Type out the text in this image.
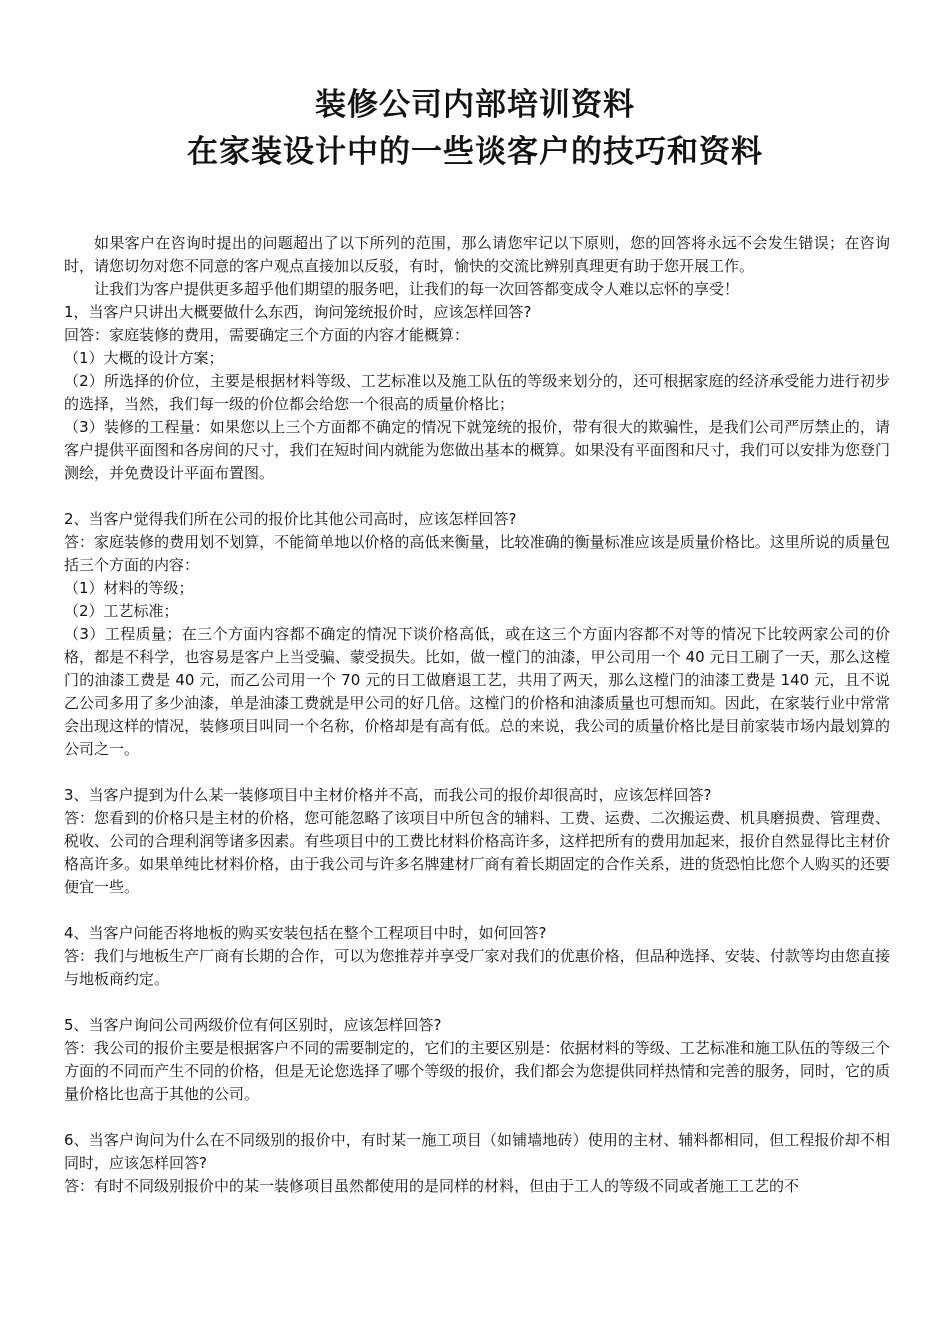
装修公司内部培训资料

在家装设计中的一些谈客户的技巧和资料

如果客户在咨询时提出的问题超出了以下所列的范围，那么请您牢记以下原则，您的回答将永远不会发生错误；在咨询时，请您切勿对您不同意的客户观点直接加以反驳，有时，愉快的交流比辨别真理更有助于您开展工作。

让我们为客户提供更多超乎他们期望的服务吧，让我们的每一次回答都变成令人难以忘怀的享受！

1，当客户只讲出大概要做什么东西，询问笼统报价时，应该怎样回答?

回答：家庭装修的费用，需要确定三个方面的内容才能概算：

（1）大概的设计方案；

（2）所选择的价位，主要是根据材料等级、工艺标准以及施工队伍的等级来划分的，还可根据家庭的经济承受能力进行初步的选择，当然，我们每一级的价位都会给您一个很高的质量价格比；

（3）装修的工程量：如果您以上三个方面都不确定的情况下就笼统的报价，带有很大的欺骗性，是我们公司严厉禁止的，请客户提供平面图和各房间的尺寸，我们在短时间内就能为您做出基本的概算。如果没有平面图和尺寸，我们可以安排为您登门测绘，并免费设计平面布置图。

2、当客户觉得我们所在公司的报价比其他公司高时，应该怎样回答?

答：家庭装修的费用划不划算，不能简单地以价格的高低来衡量，比较准确的衡量标准应该是质量价格比。这里所说的质量包括三个方面的内容：

（1）材料的等级；

（2）工艺标准；

（3）工程质量；在三个方面内容都不确定的情况下谈价格高低，或在这三个方面内容都不对等的情况下比较两家公司的价格，都是不科学，也容易是客户上当受骗、蒙受损失。比如，做一樘门的油漆，甲公司用一个 40 元日工刷了一天，那么这樘门的油漆工费是 40 元，而乙公司用一个 70 元的日工做磨退工艺，共用了两天，那么这樘门的油漆工费是 140 元，且不说乙公司多用了多少油漆，单是油漆工费就是甲公司的好几倍。这樘门的价格和油漆质量也可想而知。因此，在家装行业中常常会出现这样的情况，装修项目叫同一个名称，价格却是有高有低。总的来说，我公司的质量价格比是目前家装市场内最划算的公司之一。

3、当客户提到为什么某一装修项目中主材价格并不高，而我公司的报价却很高时，应该怎样回答?

答：您看到的价格只是主材的价格，您可能忽略了该项目中所包含的辅料、工费、运费、二次搬运费、机具磨损费、管理费、税收、公司的合理利润等诸多因素。有些项目中的工费比材料价格高许多，这样把所有的费用加起来，报价自然显得比主材价格高许多。如果单纯比材料价格，由于我公司与许多名牌建材厂商有着长期固定的合作关系，进的货恐怕比您个人购买的还要便宜一些。

4、当客户问能否将地板的购买安装包括在整个工程项目中时，如何回答?

答：我们与地板生产厂商有长期的合作，可以为您推荐并享受厂家对我们的优惠价格，但品种选择、安装、付款等均由您直接与地板商约定。

5、当客户询问公司两级价位有何区别时，应该怎样回答?

答：我公司的报价主要是根据客户不同的需要制定的，它们的主要区别是：依据材料的等级、工艺标准和施工队伍的等级三个方面的不同而产生不同的价格，但是无论您选择了哪个等级的报价，我们都会为您提供同样热情和完善的服务，同时，它的质量价格比也高于其他的公司。

6、当客户询问为什么在不同级别的报价中，有时某一施工项目（如铺墙地砖）使用的主材、辅料都相同，但工程报价却不相同时，应该怎样回答?

答：有时不同级别报价中的某一装修项目虽然都使用的是同样的材料，但由于工人的等级不同或者施工工艺的不
